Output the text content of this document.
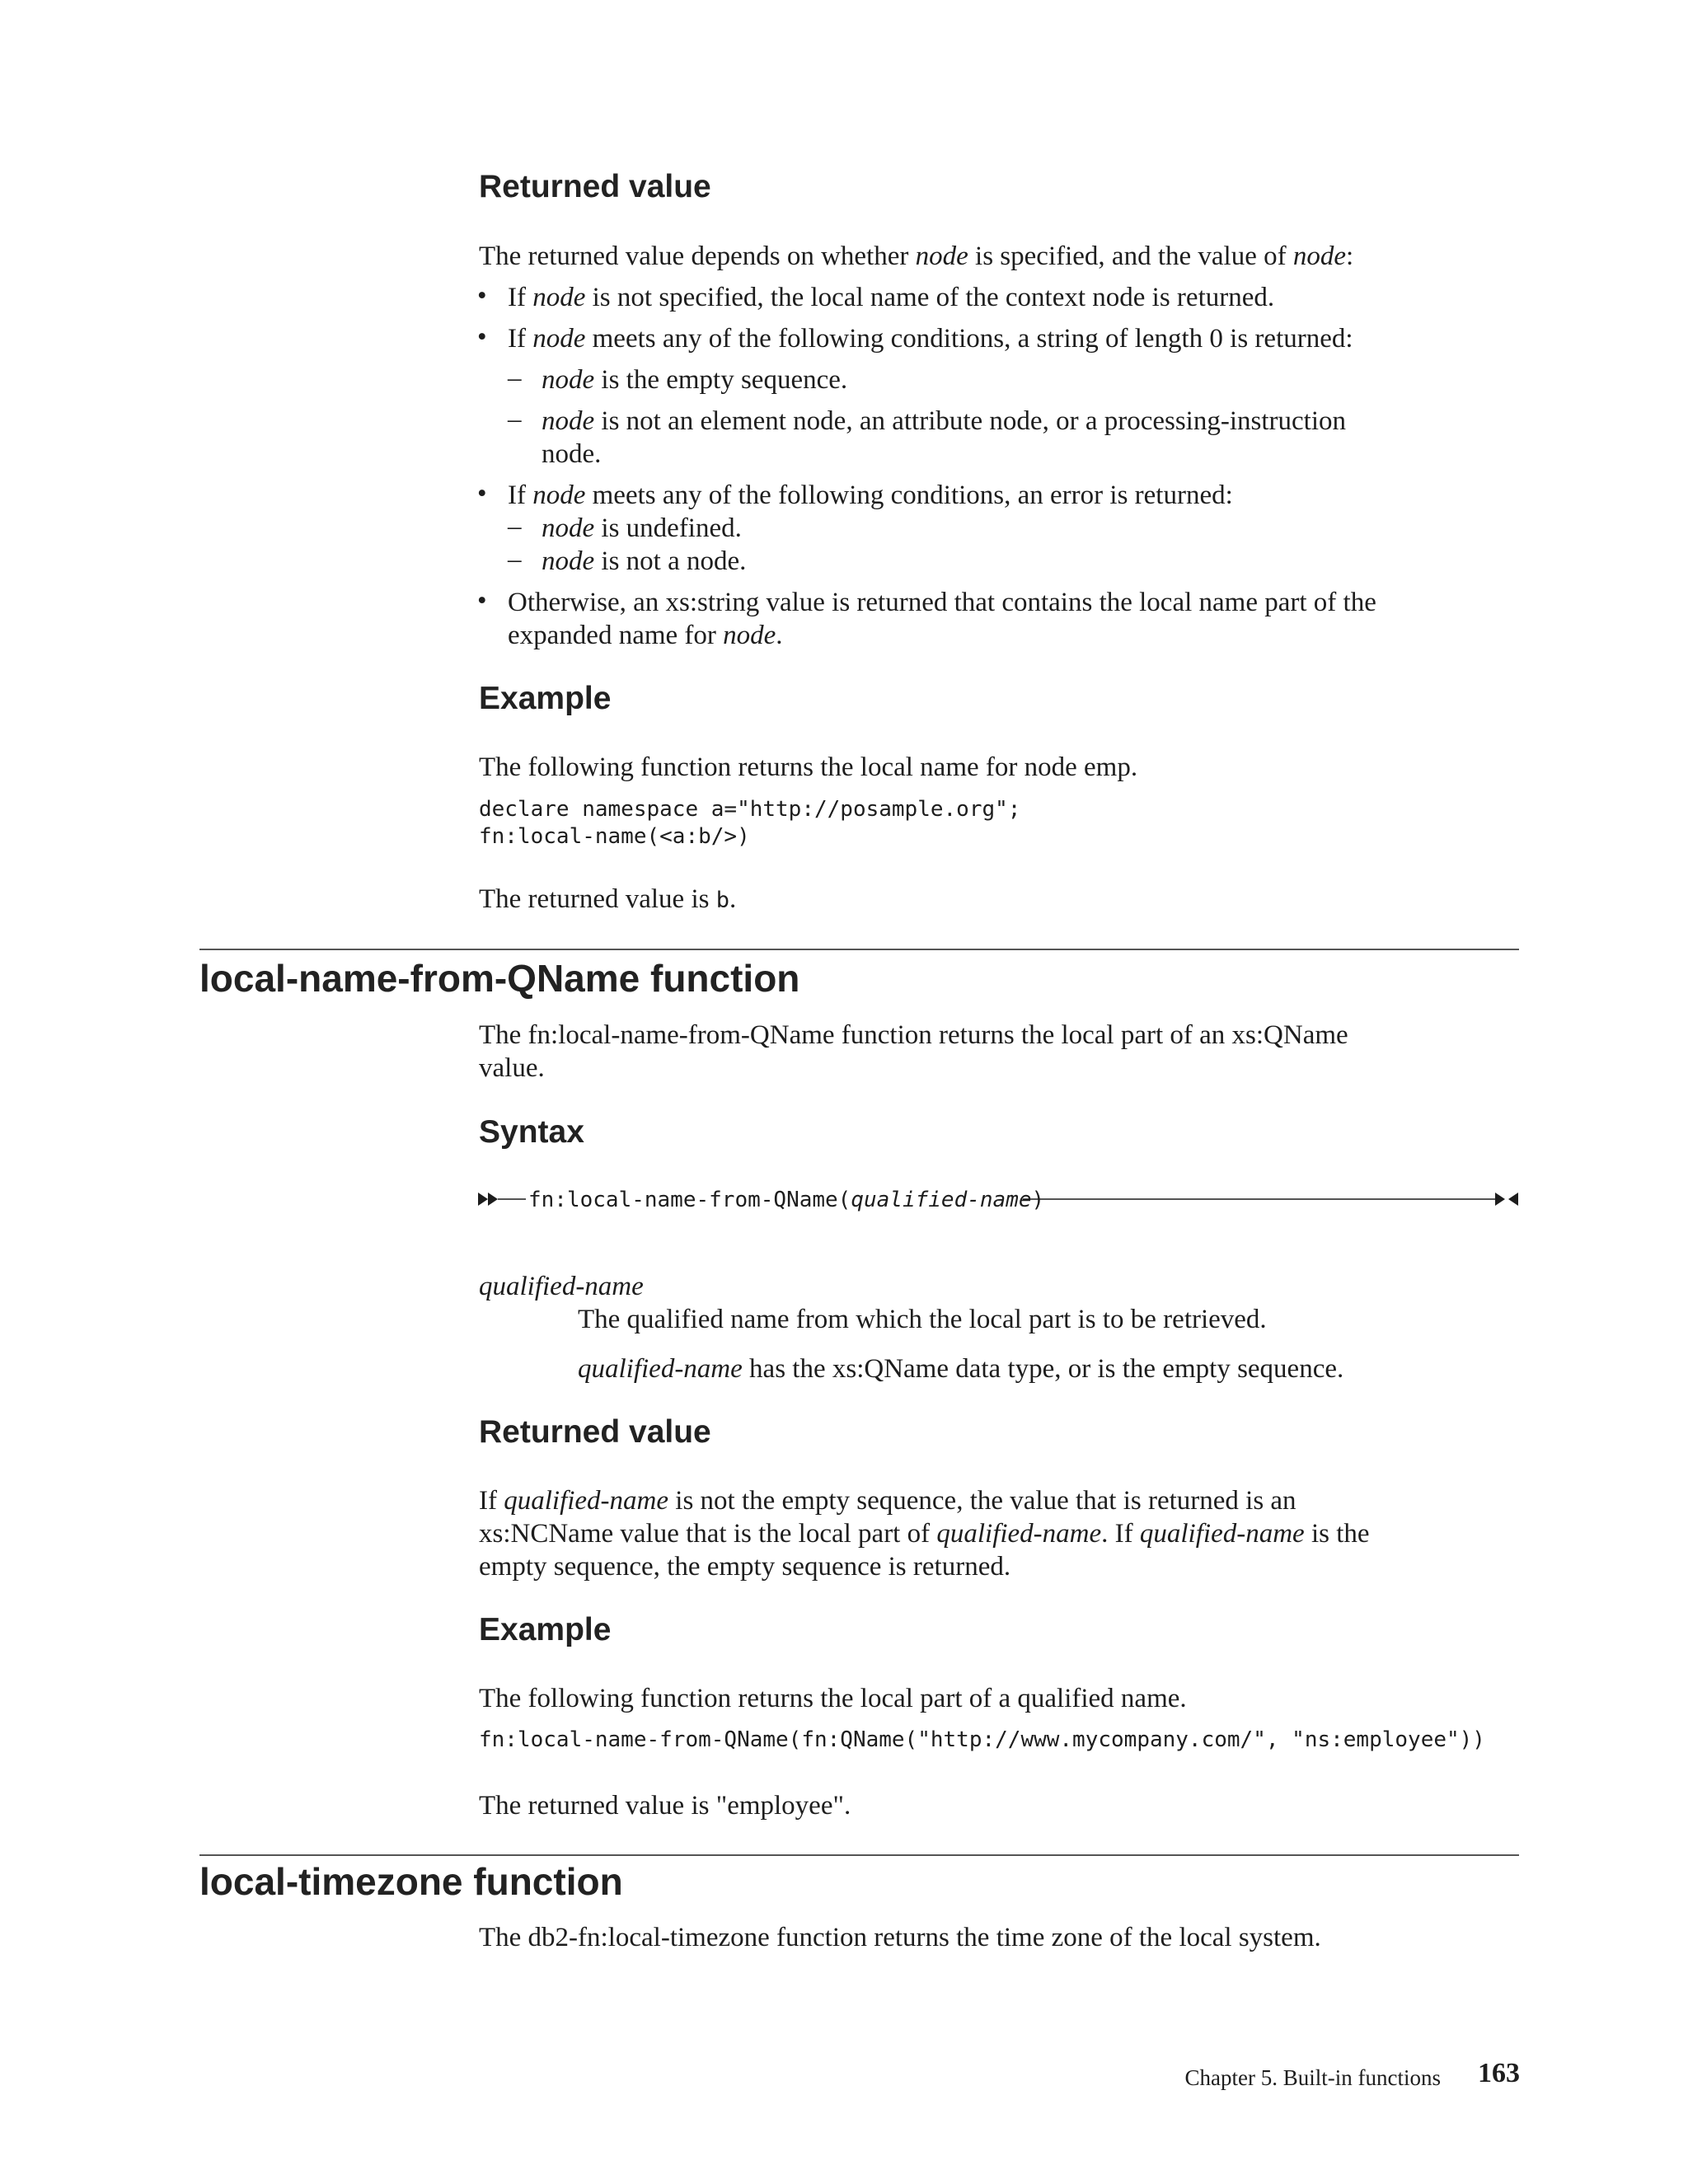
Returned value
The returned value depends on whether node is specified, and the value of node:
• If node is not specified, the local name of the context node is returned.
• If node meets any of the following conditions, a string of length 0 is returned:
– node is the empty sequence.
– node is not an element node, an attribute node, or a processing-instruction
node.
• If node meets any of the following conditions, an error is returned:
– node is undefined.
– node is not a node.
• Otherwise, an xs:string value is returned that contains the local name part of the
expanded name for node.
Example
The following function returns the local name for node emp.
declare namespace a="http://posample.org";
fn:local-name(<a:b/>)
The returned value is b.
local-name-from-QName function
The fn:local-name-from-QName function returns the local part of an xs:QName
value.
Syntax
fn:local-name-from-QName(qualified-name)
qualified-name
The qualified name from which the local part is to be retrieved.
qualified-name has the xs:QName data type, or is the empty sequence.
Returned value
If qualified-name is not the empty sequence, the value that is returned is an
xs:NCName value that is the local part of qualified-name. If qualified-name is the
empty sequence, the empty sequence is returned.
Example
The following function returns the local part of a qualified name.
fn:local-name-from-QName(fn:QName("http://www.mycompany.com/", "ns:employee"))
The returned value is "employee".
local-timezone function
The db2-fn:local-timezone function returns the time zone of the local system.
Chapter 5. Built-in functions 163
